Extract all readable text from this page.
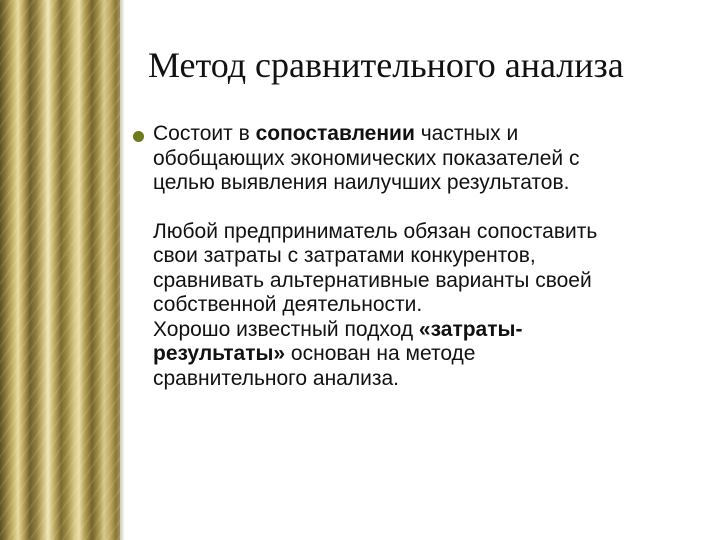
Метод сравнительного анализа

Состоит в сопоставлении частных и
обобщающих экономических показателей с
целью выявления наилучших результатов.

Любой предприниматель обязан сопоставить
свои затраты с затратами конкурентов,
сравнивать альтернативные варианты своей
собственной деятельности.

Хорошо известный подход «затраты-
результаты» основан на методе
сравнительного анализа.
